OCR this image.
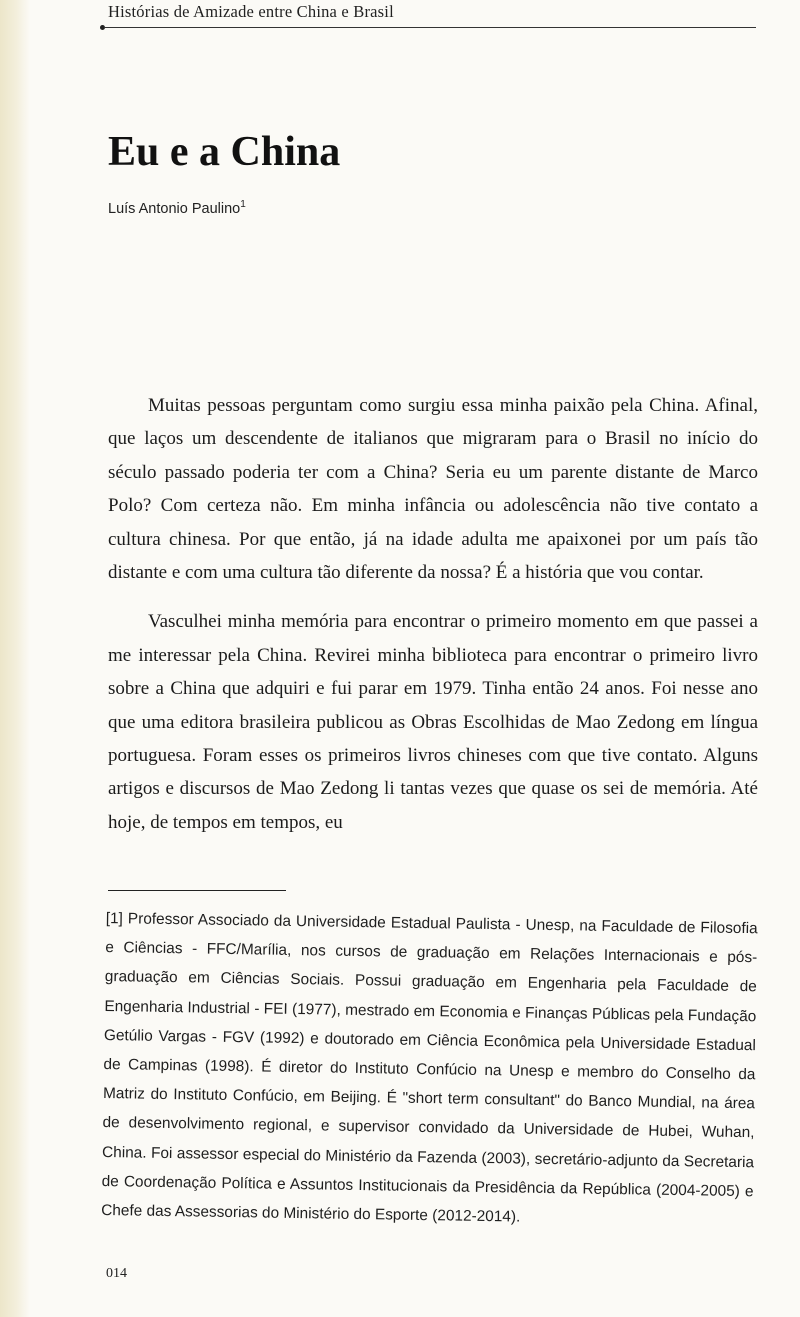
Histórias de Amizade entre China e Brasil
Eu e a China
Luís Antonio Paulino$^1$

Muitas pessoas perguntam como surgiu essa minha paixão pela China. Afinal, que laços um descendente de italianos que migraram para o Brasil no início do século passado poderia ter com a China? Seria eu um parente distante de Marco Polo? Com certeza não. Em minha infância ou adolescência não tive contato a cultura chinesa. Por que então, já na idade adulta me apaixonei por um país tão distante e com uma cultura tão diferente da nossa? É a história que vou contar.

Vasculhei minha memória para encontrar o primeiro momento em que passei a me interessar pela China. Revirei minha biblioteca para encontrar o primeiro livro sobre a China que adquiri e fui parar em 1979. Tinha então 24 anos. Foi nesse ano que uma editora brasileira publicou as Obras Escolhidas de Mao Zedong em língua portuguesa. Foram esses os primeiros livros chineses com que tive contato. Alguns artigos e discursos de Mao Zedong li tantas vezes que quase os sei de memória. Até hoje, de tempos em tempos, eu

[1] Professor Associado da Universidade Estadual Paulista - Unesp, na Faculdade de Filosofia e Ciências - FFC/Marília, nos cursos de graduação em Relações Internacionais e pós-graduação em Ciências Sociais. Possui graduação em Engenharia pela Faculdade de Engenharia Industrial - FEI (1977), mestrado em Economia e Finanças Públicas pela Fundação Getúlio Vargas - FGV (1992) e doutorado em Ciência Econômica pela Universidade Estadual de Campinas (1998). É diretor do Instituto Confúcio na Unesp e membro do Conselho da Matriz do Instituto Confúcio, em Beijing. É "short term consultant" do Banco Mundial, na área de desenvolvimento regional, e supervisor convidado da Universidade de Hubei, Wuhan, China. Foi assessor especial do Ministério da Fazenda (2003), secretário-adjunto da Secretaria de Coordenação Política e Assuntos Institucionais da Presidência da República (2004-2005) e Chefe das Assessorias do Ministério do Esporte (2012-2014).

014
